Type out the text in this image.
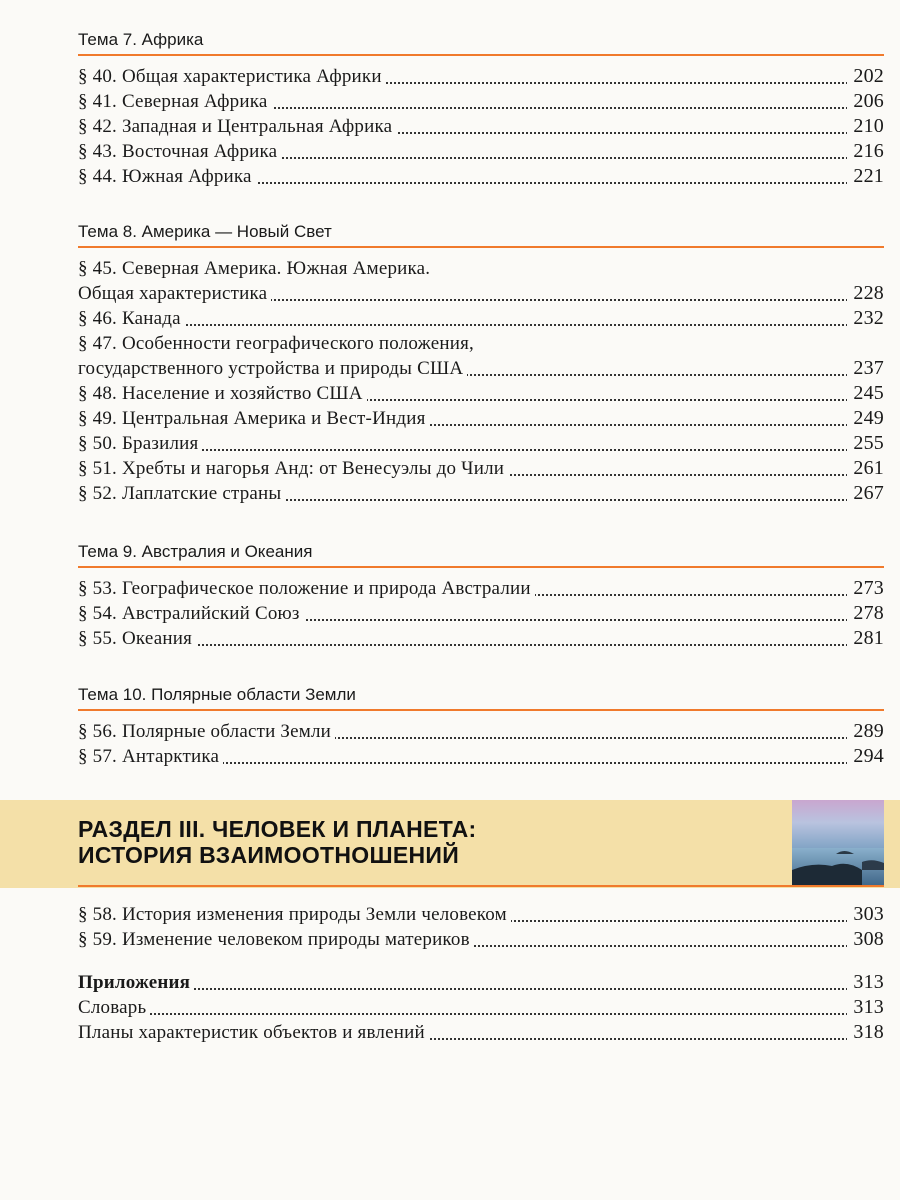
Тема 7. Африка
§ 40. Общая характеристика Африки	202
§ 41. Северная Африка	206
§ 42. Западная и Центральная Африка	210
§ 43. Восточная Африка	216
§ 44. Южная Африка	221
Тема 8. Америка — Новый Свет
§ 45. Северная Америка. Южная Америка.
Общая характеристика	228
§ 46. Канада	232
§ 47. Особенности географического положения,
государственного устройства и природы США	237
§ 48. Население и хозяйство США	245
§ 49. Центральная Америка и Вест-Индия	249
§ 50. Бразилия	255
§ 51. Хребты и нагорья Анд: от Венесуэлы до Чили	261
§ 52. Лаплатские страны	267
Тема 9. Австралия и Океания
§ 53. Географическое положение и природа Австралии	273
§ 54. Австралийский Союз	278
§ 55. Океания	281
Тема 10. Полярные области Земли
§ 56. Полярные области Земли	289
§ 57. Антарктика	294
РАЗДЕЛ III. ЧЕЛОВЕК И ПЛАНЕТА:
ИСТОРИЯ ВЗАИМООТНОШЕНИЙ
§ 58. История изменения природы Земли человеком	303
§ 59. Изменение человеком природы материков	308
Приложения	313
Словарь	313
Планы характеристик объектов и явлений	318
